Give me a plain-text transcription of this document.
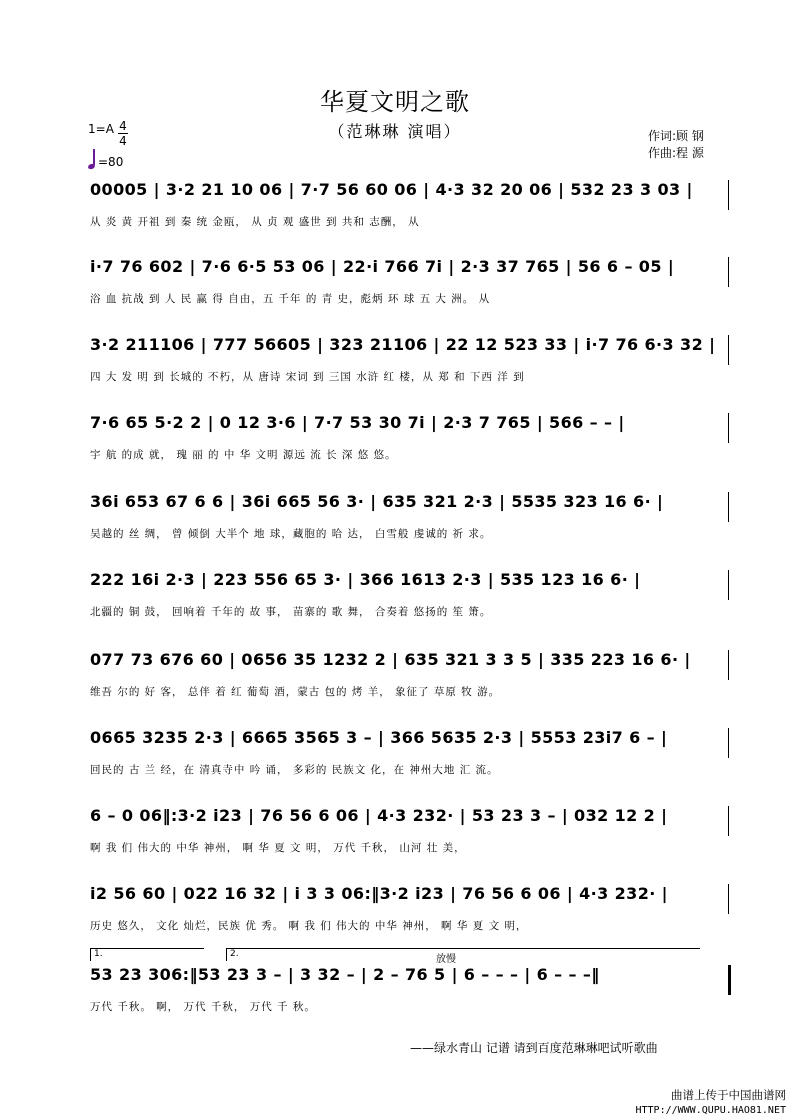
华夏文明之歌
（范琳琳 演唱）
1=A 4
4
=80
作词:顾 钢
作曲:程 源
00005 | 3·2 21 10 06 | 7·7 56 60 06 | 4·3 32 20 06 | 532 23 3 03 |
从 炎 黄 开祖 到 秦 统 金瓯， 从 贞 观 盛世 到 共和 志酬， 从
i·7 76 602 | 7·6 6·5 53 06 | 22·i 766 7i | 2·3 37 765 | 56 6 – 05 |
浴 血 抗战 到 人 民 赢 得 自由，五 千年 的 青 史，彪炳 环 球 五 大 洲。 从
3·2 211106 | 777 56605 | 323 21106 | 22 12 523 33 | i·7 76 6·3 32 |
四 大 发 明 到 长城的 不朽，从 唐诗 宋词 到 三国 水浒 红 楼，从 郑 和 下西 洋 到
7·6 65 5·2 2 | 0 12 3·6 | 7·7 53 30 7i | 2·3 7 765 | 566 – – |
宇 航 的成 就， 瑰 丽 的 中 华 文明 源远 流 长 深 悠 悠。
36i 653 67 6 6 | 36i 665 56 3· | 635 321 2·3 | 5535 323 16 6· |
吴越的 丝 绸， 曾 倾倒 大半个 地 球，藏胞的 哈 达， 白雪般 虔诚的 祈 求。
222 16i 2·3 | 223 556 65 3· | 366 1613 2·3 | 535 123 16 6· |
北疆的 铜 鼓， 回响着 千年的 故 事， 苗寨的 歌 舞， 合奏着 悠扬的 笙 箫。
077 73 676 60 | 0656 35 1232 2 | 635 321 3 3 5 | 335 223 16 6· |
维吾 尔的 好 客， 总伴 着 红 葡萄 酒，蒙古 包的 烤 羊， 象征了 草原 牧 游。
0665 3235 2·3 | 6665 3565 3 – | 366 5635 2·3 | 5553 23i7 6 – |
回民的 古 兰 经，在 清真寺中 吟 诵， 多彩的 民族文 化，在 神州大地 汇 流。
6 – 0 06‖:3·2 i23 | 76 56 6 06 | 4·3 232· | 53 23 3 – | 032 12 2 |
啊 我 们 伟大的 中华 神州， 啊 华 夏 文 明， 万代 千秋， 山河 壮 美，
i2 56 60 | 022 16 32 | i 3 3 06:‖3·2 i23 | 76 56 6 06 | 4·3 232· |
历史 悠久， 文化 灿烂，民族 优 秀。 啊 我 们 伟大的 中华 神州， 啊 华 夏 文 明，
53 23 306:‖53 23 3 – | 3 32 – | 2 – 76 5 | 6 – – – | 6 – – –‖
万代 千秋。 啊， 万代 千秋， 万代 千 秋。
1.	2.	放慢
——绿水青山 记谱 请到百度范琳琳吧试听歌曲
曲谱上传于中国曲谱网
HTTP://WWW.QUPU.HAO81.NET
